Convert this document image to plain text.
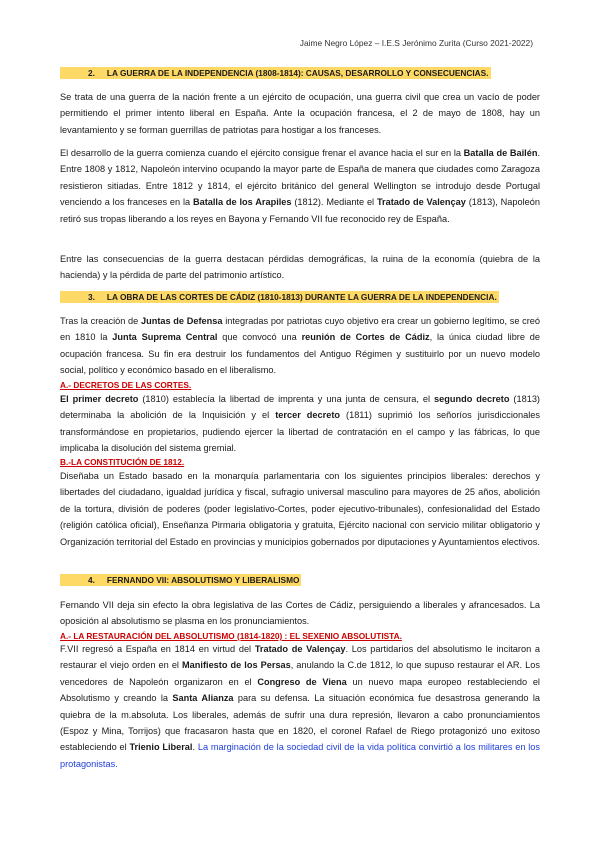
Jaime Negro López – I.E.S Jerónimo Zurita (Curso 2021-2022)
2. LA GUERRA DE LA INDEPENDENCIA (1808-1814): CAUSAS, DESARROLLO Y CONSECUENCIAS.
Se trata de una guerra de la nación frente a un ejército de ocupación, una guerra civil que crea un vacío de poder permitiendo el primer intento liberal en España. Ante la ocupación francesa, el 2 de mayo de 1808, hay un levantamiento y se forman guerrillas de patriotas para hostigar a los franceses.
El desarrollo de la guerra comienza cuando el ejército consigue frenar el avance hacia el sur en la Batalla de Bailén. Entre 1808 y 1812, Napoleón intervino ocupando la mayor parte de España de manera que ciudades como Zaragoza resistieron sitiadas. Entre 1812 y 1814, el ejército británico del general Wellington se introdujo desde Portugal venciendo a los franceses en la Batalla de los Arapiles (1812). Mediante el Tratado de Valençay (1813), Napoleón retiró sus tropas liberando a los reyes en Bayona y Fernando VII fue reconocido rey de España.
Entre las consecuencias de la guerra destacan pérdidas demográficas, la ruina de la economía (quiebra de la hacienda) y la pérdida de parte del patrimonio artístico.
3. LA OBRA DE LAS CORTES DE CÁDIZ (1810-1813) DURANTE LA GUERRA DE LA INDEPENDENCIA.
Tras la creación de Juntas de Defensa integradas por patriotas cuyo objetivo era crear un gobierno legítimo, se creó en 1810 la Junta Suprema Central que convocó una reunión de Cortes de Cádiz, la única ciudad libre de ocupación francesa. Su fin era destruir los fundamentos del Antiguo Régimen y sustituirlo por un nuevo modelo social, político y económico basado en el liberalismo.
A.- DECRETOS DE LAS CORTES.
El primer decreto (1810) establecía la libertad de imprenta y una junta de censura, el segundo decreto (1813) determinaba la abolición de la Inquisición y el tercer decreto (1811) suprimió los señoríos jurisdiccionales transformándose en propietarios, pudiendo ejercer la libertad de contratación en el campo y las fábricas, lo que implicaba la disolución del sistema gremial.
B.-LA CONSTITUCIÓN DE 1812.
Diseñaba un Estado basado en la monarquía parlamentaria con los siguientes principios liberales: derechos y libertades del ciudadano, igualdad jurídica y fiscal, sufragio universal masculino para mayores de 25 años, abolición de la tortura, división de poderes (poder legislativo-Cortes, poder ejecutivo-tribunales), confesionalidad del Estado (religión católica oficial), Enseñanza Pirmaria obligatoria y gratuita, Ejército nacional con servicio militar obligatorio y Organización territorial del Estado en provincias y municipios gobernados por diputaciones y Ayuntamientos electivos.
4. FERNANDO VII: ABSOLUTISMO Y LIBERALISMO
Fernando VII deja sin efecto la obra legislativa de las Cortes de Cádiz, persiguiendo a liberales y afrancesados. La oposición al absolutismo se plasma en los pronunciamientos.
A.- LA RESTAURACIÓN DEL ABSOLUTISMO (1814-1820) : EL SEXENIO ABSOLUTISTA.
F.VII regresó a España en 1814 en virtud del Tratado de Valençay. Los partidarios del absolutismo le incitaron a restaurar el viejo orden en el Manifiesto de los Persas, anulando la C.de 1812, lo que supuso restaurar el AR. Los vencedores de Napoleón organizaron en el Congreso de Viena un nuevo mapa europeo restableciendo el Absolutismo y creando la Santa Alianza para su defensa. La situación económica fue desastrosa generando la quiebra de la m.absoluta. Los liberales, además de sufrir una dura represión, llevaron a cabo pronunciamientos (Espoz y Mina, Torrijos) que fracasaron hasta que en 1820, el coronel Rafael de Riego protagonizó uno exitoso estableciendo el Trienio Liberal. La marginación de la sociedad civil de la vida política convirtió a los militares en los protagonistas.
